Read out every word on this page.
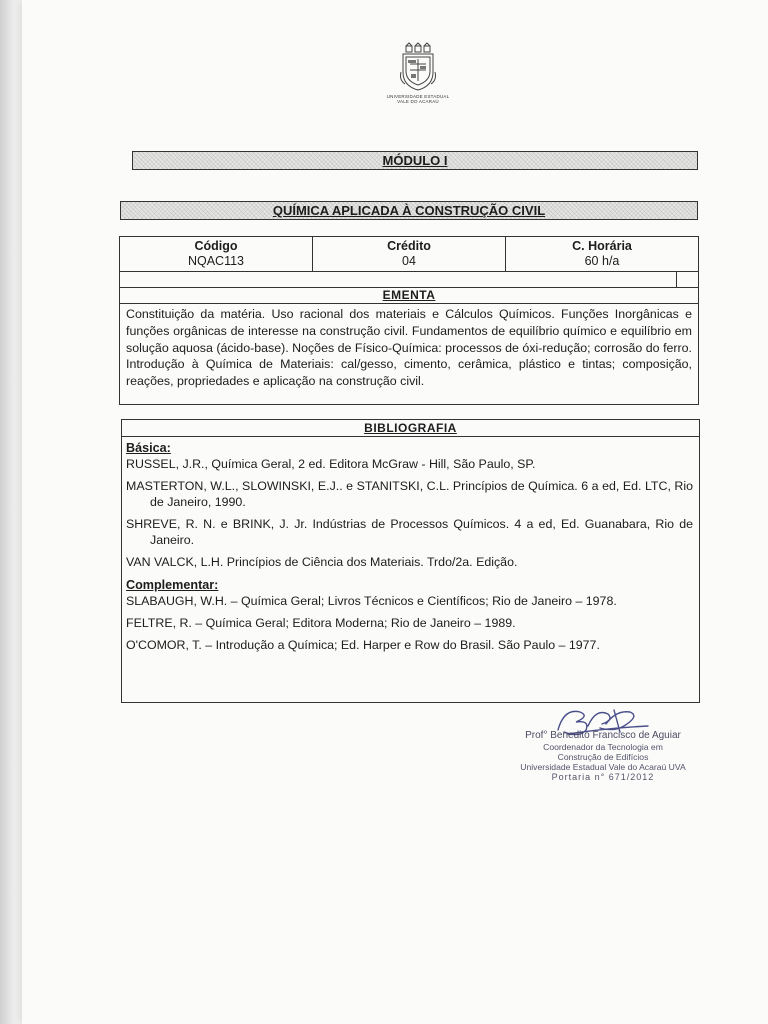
UNIVERSIDADE ESTADUAL VALE DO ACARAÚ
MÓDULO I
QUÍMICA APLICADA À CONSTRUÇÃO CIVIL
Código
NQAC113
Crédito
04
C. Horária
60 h/a
EMENTA
Constituição da matéria. Uso racional dos materiais e Cálculos Químicos. Funções Inorgânicas e funções orgânicas de interesse na construção civil. Fundamentos de equilíbrio químico e equilíbrio em solução aquosa (ácido-base). Noções de Físico-Química: processos de óxi-redução; corrosão do ferro. Introdução à Química de Materiais: cal/gesso, cimento, cerâmica, plástico e tintas; composição, reações, propriedades e aplicação na construção civil.
BIBLIOGRAFIA
Básica:

RUSSEL, J.R., Química Geral, 2 ed. Editora McGraw - Hill, São Paulo, SP.

MASTERTON, W.L., SLOWINSKI, E.J.. e STANITSKI, C.L. Princípios de Química. 6 a ed, Ed. LTC, Rio de Janeiro, 1990.

SHREVE, R. N. e BRINK, J. Jr. Indústrias de Processos Químicos. 4 a ed, Ed. Guanabara, Rio de Janeiro.

VAN VALCK, L.H. Princípios de Ciência dos Materiais. Trdo/2a. Edição.

Complementar:

SLABAUGH, W.H. – Química Geral; Livros Técnicos e Científicos; Rio de Janeiro – 1978.

FELTRE, R. – Química Geral; Editora Moderna; Rio de Janeiro – 1989.

O'COMOR, T. – Introdução a Química; Ed. Harper e Row do Brasil. São Paulo – 1977.

Prof° Benedito Francisco de Aguiar
Coordenador da Tecnologia em
Construção de Edifícios
Universidade Estadual Vale do Acaraú UVA
Portaria n° 671/2012
